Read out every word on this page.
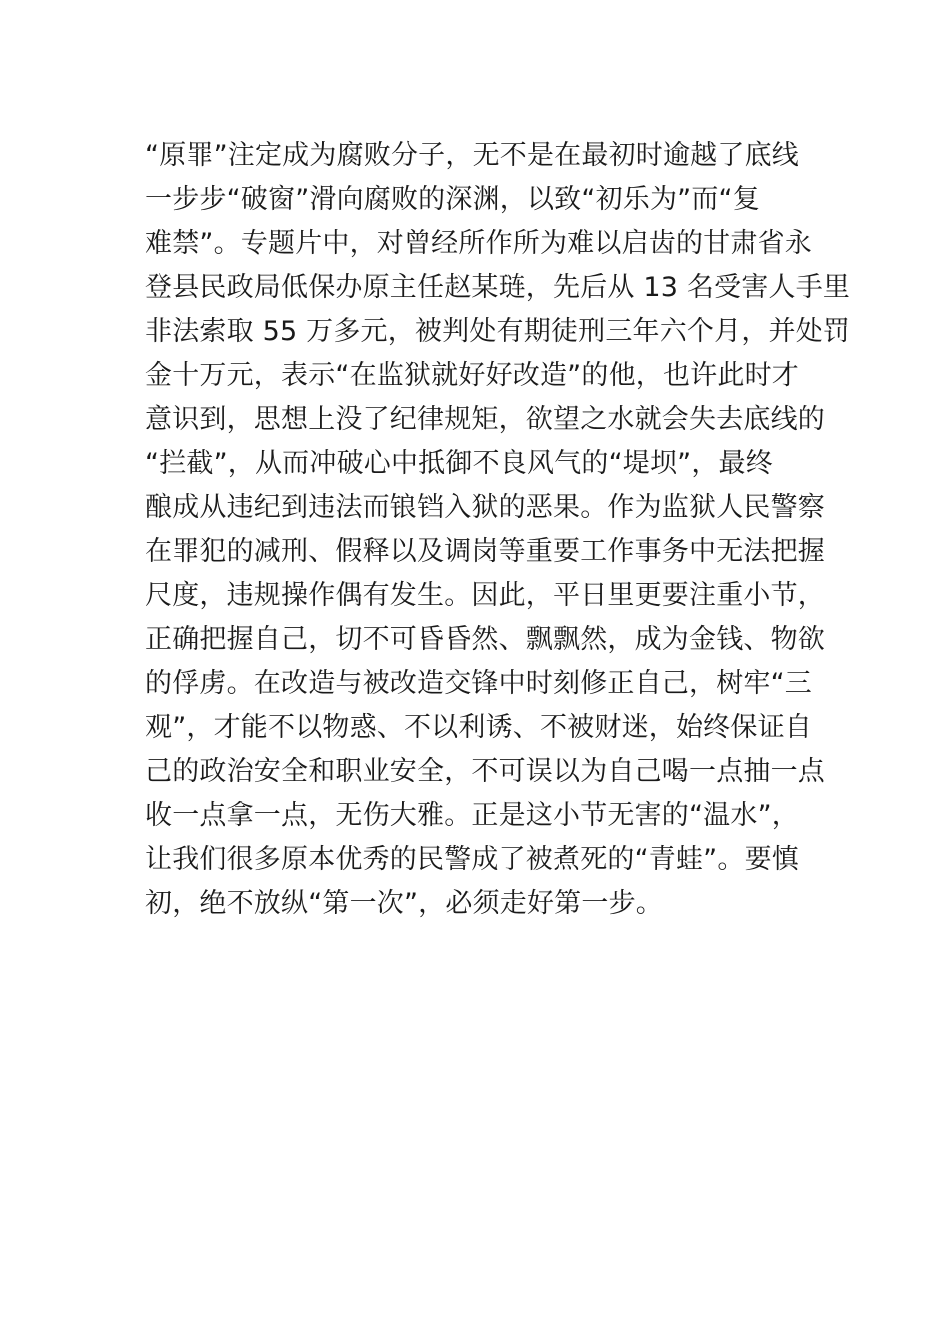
“原罪”注定成为腐败分子，无不是在最初时逾越了底线
一步步“破窗”滑向腐败的深渊，以致“初乐为”而“复
难禁”。专题片中，对曾经所作所为难以启齿的甘肃省永
登县民政局低保办原主任赵某琏，先后从 13 名受害人手里
非法索取 55 万多元，被判处有期徒刑三年六个月，并处罚
金十万元，表示“在监狱就好好改造”的他，也许此时才
意识到，思想上没了纪律规矩，欲望之水就会失去底线的
“拦截”，从而冲破心中抵御不良风气的“堤坝”，最终
酿成从违纪到违法而锒铛入狱的恶果。作为监狱人民警察
在罪犯的减刑、假释以及调岗等重要工作事务中无法把握
尺度，违规操作偶有发生。因此，平日里更要注重小节，
正确把握自己，切不可昏昏然、飘飘然，成为金钱、物欲
的俘虏。在改造与被改造交锋中时刻修正自己，树牢“三
观”，才能不以物惑、不以利诱、不被财迷，始终保证自
己的政治安全和职业安全，不可误以为自己喝一点抽一点
收一点拿一点，无伤大雅。正是这小节无害的“温水”，
让我们很多原本优秀的民警成了被煮死的“青蛙”。要慎
初，绝不放纵“第一次”，必须走好第一步。
